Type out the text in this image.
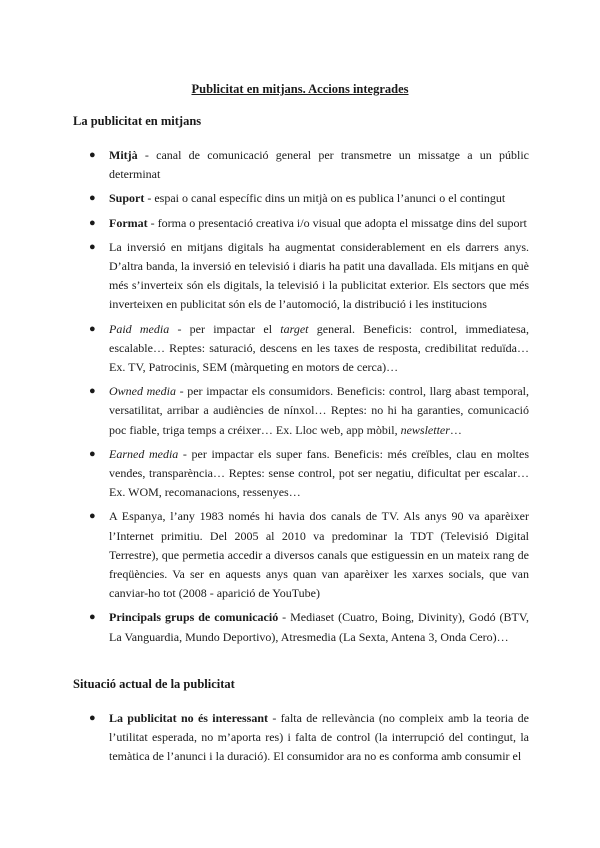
Publicitat en mitjans. Accions integrades
La publicitat en mitjans
● Mitjà - canal de comunicació general per transmetre un missatge a un públic determinat
● Suport - espai o canal específic dins un mitjà on es publica l’anunci o el contingut
● Format - forma o presentació creativa i/o visual que adopta el missatge dins del suport
● La inversió en mitjans digitals ha augmentat considerablement en els darrers anys. D’altra banda, la inversió en televisió i diaris ha patit una davallada. Els mitjans en què més s’inverteix són els digitals, la televisió i la publicitat exterior. Els sectors que més inverteixen en publicitat són els de l’automoció, la distribució i les institucions
● Paid media - per impactar el target general. Beneficis: control, immediatesa, escalable… Reptes: saturació, descens en les taxes de resposta, credibilitat reduïda… Ex. TV, Patrocinis, SEM (màrqueting en motors de cerca)…
● Owned media - per impactar els consumidors. Beneficis: control, llarg abast temporal, versatilitat, arribar a audiències de nínxol… Reptes: no hi ha garanties, comunicació poc fiable, triga temps a créixer… Ex. Lloc web, app mòbil, newsletter…
● Earned media - per impactar els super fans. Beneficis: més creïbles, clau en moltes vendes, transparència… Reptes: sense control, pot ser negatiu, dificultat per escalar… Ex. WOM, recomanacions, ressenyes…
● A Espanya, l’any 1983 només hi havia dos canals de TV. Als anys 90 va aparèixer l’Internet primitiu. Del 2005 al 2010 va predominar la TDT (Televisió Digital Terrestre), que permetia accedir a diversos canals que estiguessin en un mateix rang de freqüències. Va ser en aquests anys quan van aparèixer les xarxes socials, que van canviar-ho tot (2008 - aparició de YouTube)
● Principals grups de comunicació - Mediaset (Cuatro, Boing, Divinity), Godó (BTV, La Vanguardia, Mundo Deportivo), Atresmedia (La Sexta, Antena 3, Onda Cero)…
Situació actual de la publicitat
● La publicitat no és interessant - falta de rellevància (no compleix amb la teoria de l’utilitat esperada, no m’aporta res) i falta de control (la interrupció del contingut, la temàtica de l’anunci i la duració). El consumidor ara no es conforma amb consumir el
